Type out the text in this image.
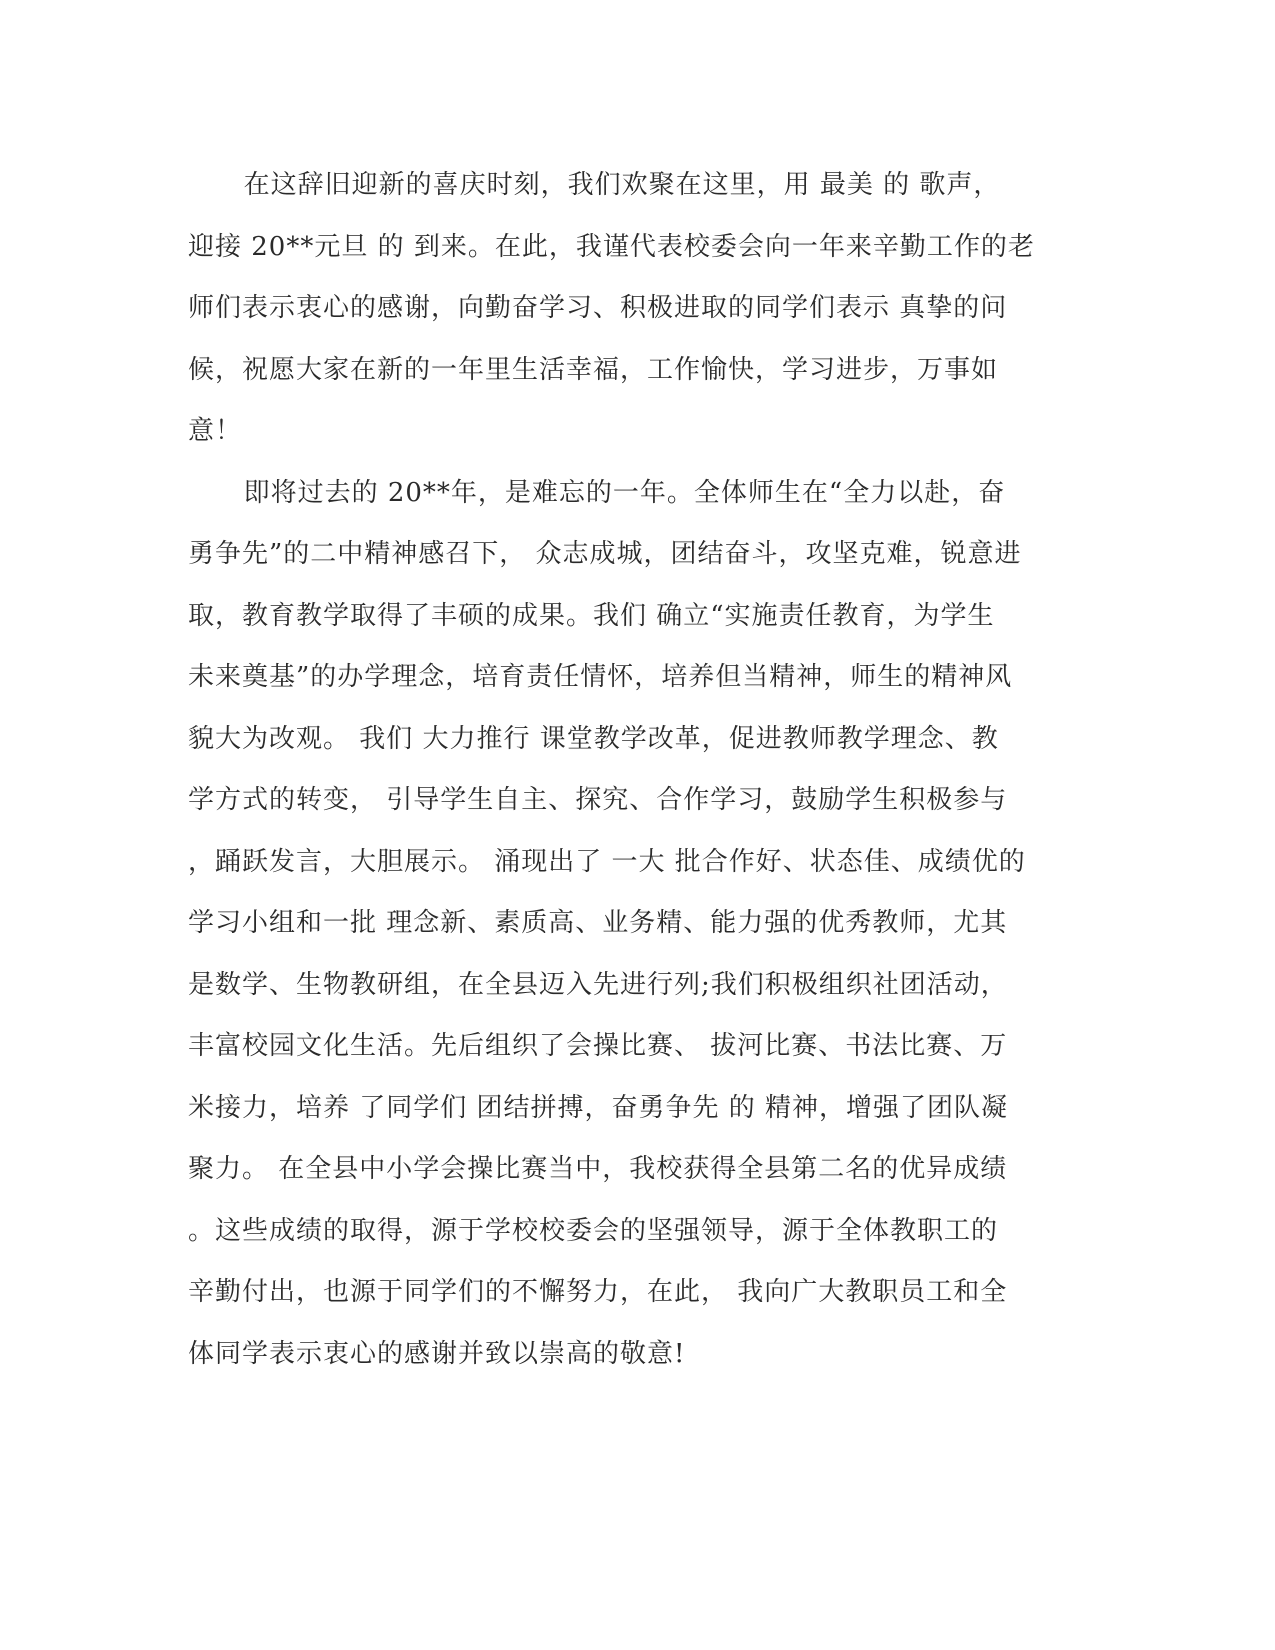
在这辞旧迎新的喜庆时刻，我们欢聚在这里，用 最美 的 歌声，
迎接 20**元旦 的 到来。在此，我谨代表校委会向一年来辛勤工作的老
师们表示衷心的感谢，向勤奋学习、积极进取的同学们表示 真挚的问
候，祝愿大家在新的一年里生活幸福，工作愉快，学习进步，万事如
意！
即将过去的 20**年，是难忘的一年。全体师生在“全力以赴，奋
勇争先”的二中精神感召下， 众志成城，团结奋斗，攻坚克难，锐意进
取，教育教学取得了丰硕的成果。我们 确立“实施责任教育，为学生
未来奠基”的办学理念，培育责任情怀，培养但当精神，师生的精神风
貌大为改观。 我们 大力推行 课堂教学改革，促进教师教学理念、教
学方式的转变， 引导学生自主、探究、合作学习，鼓励学生积极参与
，踊跃发言，大胆展示。 涌现出了 一大 批合作好、状态佳、成绩优的
学习小组和一批 理念新、素质高、业务精、能力强的优秀教师，尤其
是数学、生物教研组，在全县迈入先进行列;我们积极组织社团活动，
丰富校园文化生活。先后组织了会操比赛、 拔河比赛、书法比赛、万
米接力，培养 了同学们 团结拼搏，奋勇争先 的 精神，增强了团队凝
聚力。 在全县中小学会操比赛当中，我校获得全县第二名的优异成绩
。这些成绩的取得，源于学校校委会的坚强领导，源于全体教职工的
辛勤付出，也源于同学们的不懈努力，在此， 我向广大教职员工和全
体同学表示衷心的感谢并致以崇高的敬意!
